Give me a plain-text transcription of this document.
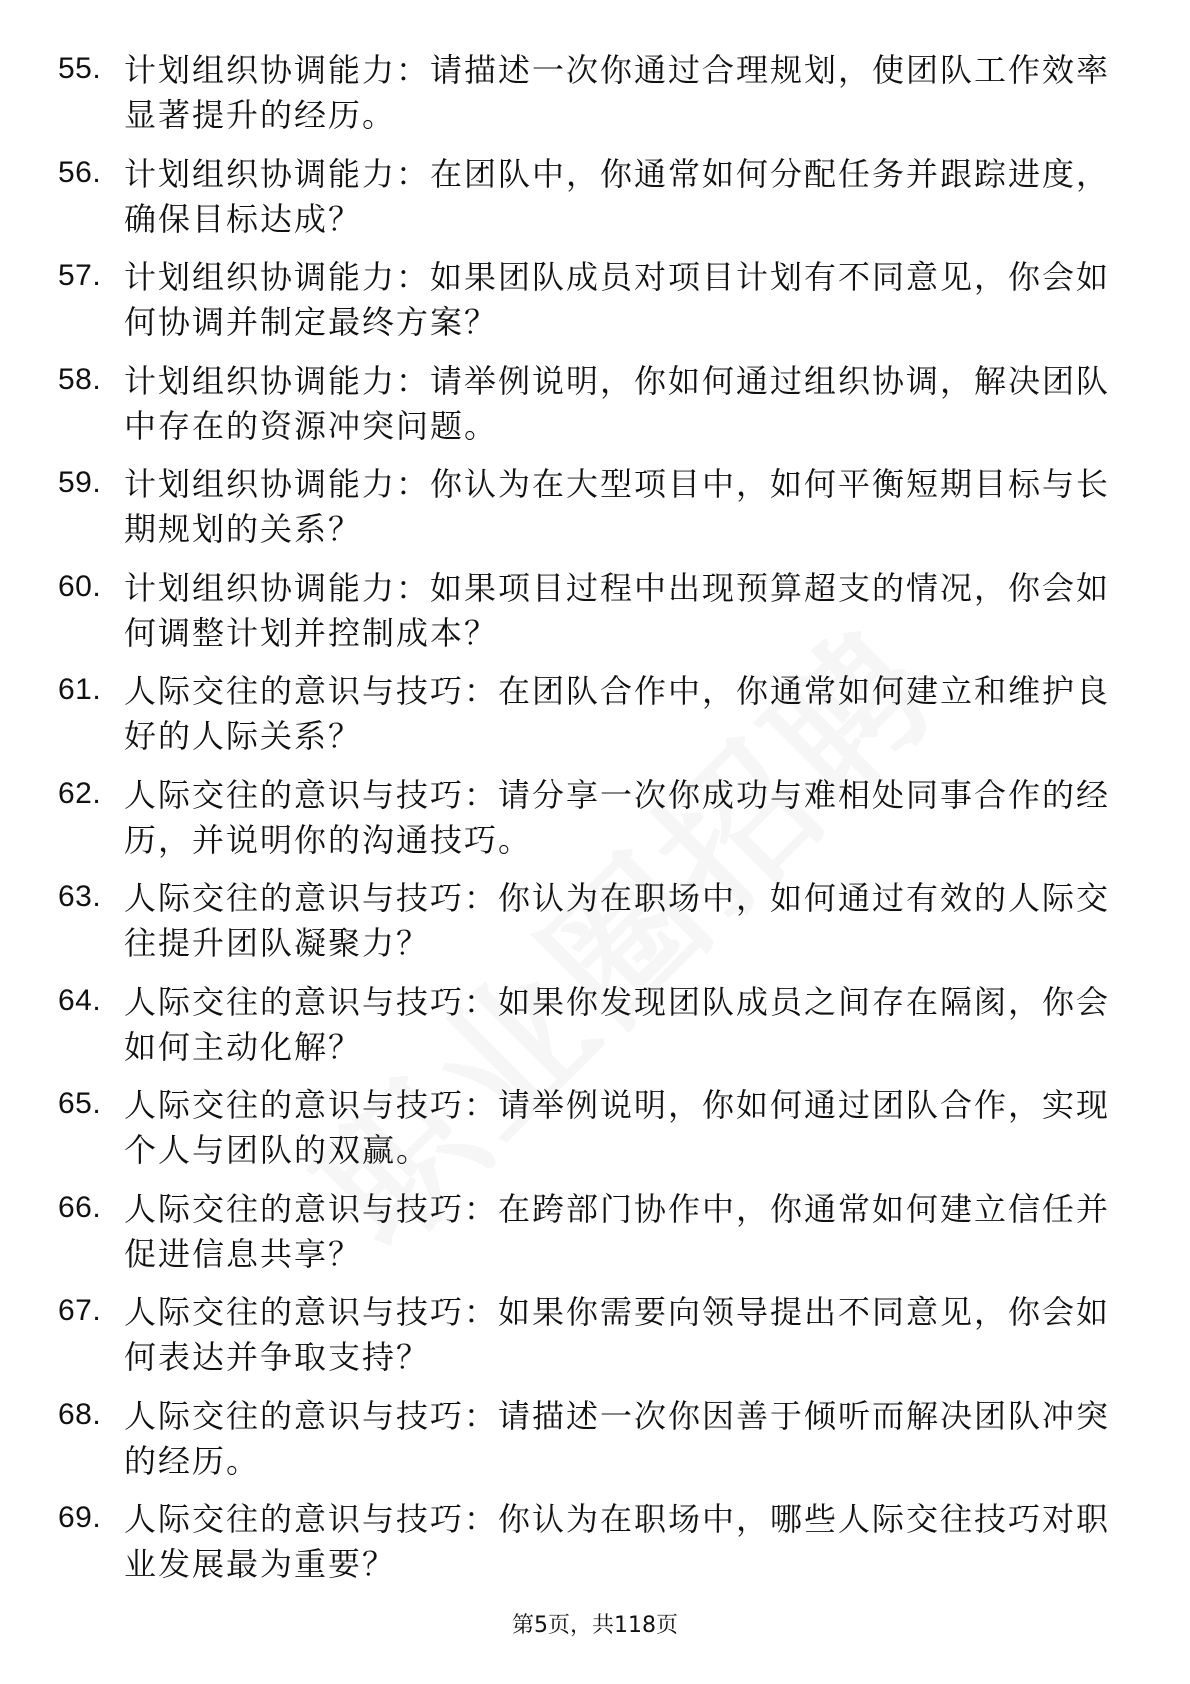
55. 计划组织协调能力：请描述一次你通过合理规划，使团队工作效率显著提升的经历。
56. 计划组织协调能力：在团队中，你通常如何分配任务并跟踪进度，确保目标达成？
57. 计划组织协调能力：如果团队成员对项目计划有不同意见，你会如何协调并制定最终方案？
58. 计划组织协调能力：请举例说明，你如何通过组织协调，解决团队中存在的资源冲突问题。
59. 计划组织协调能力：你认为在大型项目中，如何平衡短期目标与长期规划的关系？
60. 计划组织协调能力：如果项目过程中出现预算超支的情况，你会如何调整计划并控制成本？
61. 人际交往的意识与技巧：在团队合作中，你通常如何建立和维护良好的人际关系？
62. 人际交往的意识与技巧：请分享一次你成功与难相处同事合作的经历，并说明你的沟通技巧。
63. 人际交往的意识与技巧：你认为在职场中，如何通过有效的人际交往提升团队凝聚力？
64. 人际交往的意识与技巧：如果你发现团队成员之间存在隔阂，你会如何主动化解？
65. 人际交往的意识与技巧：请举例说明，你如何通过团队合作，实现个人与团队的双赢。
66. 人际交往的意识与技巧：在跨部门协作中，你通常如何建立信任并促进信息共享？
67. 人际交往的意识与技巧：如果你需要向领导提出不同意见，你会如何表达并争取支持？
68. 人际交往的意识与技巧：请描述一次你因善于倾听而解决团队冲突的经历。
69. 人际交往的意识与技巧：你认为在职场中，哪些人际交往技巧对职业发展最为重要？
第5页，共118页
